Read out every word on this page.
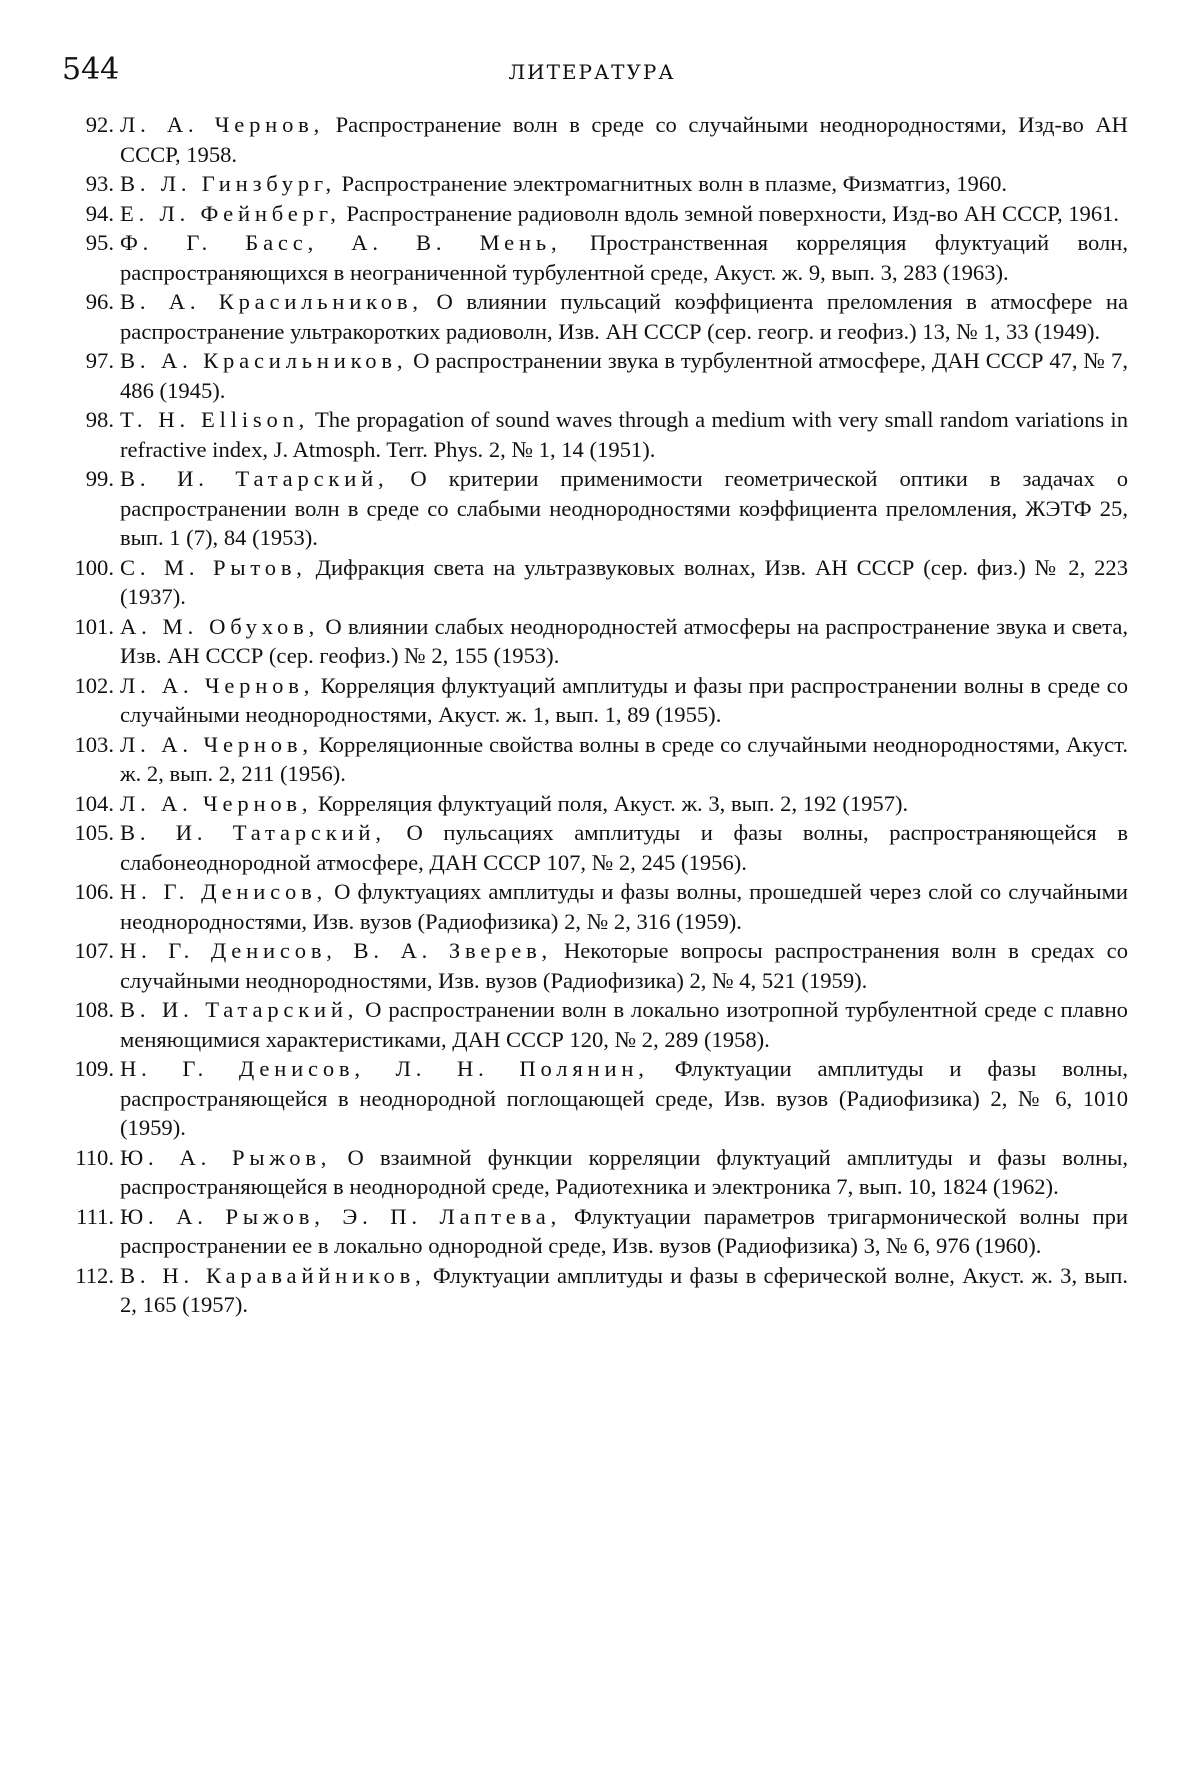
544	ЛИТЕРАТУРА
92. Л. А. Чернов, Распространение волн в среде со случайными неоднородностями, Изд-во АН СССР, 1958.
93. В. Л. Гинзбург, Распространение электромагнитных волн в плазме, Физматгиз, 1960.
94. Е. Л. Фейнберг, Распространение радиоволн вдоль земной поверхности, Изд-во АН СССР, 1961.
95. Ф. Г. Басс, А. В. Мень, Пространственная корреляция флуктуаций волн, распространяющихся в неограниченной турбулентной среде, Акуст. ж. 9, вып. 3, 283 (1963).
96. В. А. Красильников, О влиянии пульсаций коэффициента преломления в атмосфере на распространение ультракоротких радиоволн, Изв. АН СССР (сер. геогр. и геофиз.) 13, № 1, 33 (1949).
97. В. А. Красильников, О распространении звука в турбулентной атмосфере, ДАН СССР 47, № 7, 486 (1945).
98. T. H. Ellison, The propagation of sound waves through a medium with very small random variations in refractive index, J. Atmosph. Terr. Phys. 2, № 1, 14 (1951).
99. В. И. Татарский, О критерии применимости геометрической оптики в задачах о распространении волн в среде со слабыми неоднородностями коэффициента преломления, ЖЭТФ 25, вып. 1 (7), 84 (1953).
100. С. М. Рытов, Дифракция света на ультразвуковых волнах, Изв. АН СССР (сер. физ.) № 2, 223 (1937).
101. А. М. Обухов, О влиянии слабых неоднородностей атмосферы на распространение звука и света, Изв. АН СССР (сер. геофиз.) № 2, 155 (1953).
102. Л. А. Чернов, Корреляция флуктуаций амплитуды и фазы при распространении волны в среде со случайными неоднородностями, Акуст. ж. 1, вып. 1, 89 (1955).
103. Л. А. Чернов, Корреляционные свойства волны в среде со случайными неоднородностями, Акуст. ж. 2, вып. 2, 211 (1956).
104. Л. А. Чернов, Корреляция флуктуаций поля, Акуст. ж. 3, вып. 2, 192 (1957).
105. В. И. Татарский, О пульсациях амплитуды и фазы волны, распространяющейся в слабонеоднородной атмосфере, ДАН СССР 107, № 2, 245 (1956).
106. Н. Г. Денисов, О флуктуациях амплитуды и фазы волны, прошедшей через слой со случайными неоднородностями, Изв. вузов (Радиофизика) 2, № 2, 316 (1959).
107. Н. Г. Денисов, В. А. Зверев, Некоторые вопросы распространения волн в средах со случайными неоднородностями, Изв. вузов (Радиофизика) 2, № 4, 521 (1959).
108. В. И. Татарский, О распространении волн в локально изотропной турбулентной среде с плавно меняющимися характеристиками, ДАН СССР 120, № 2, 289 (1958).
109. Н. Г. Денисов, Л. Н. Полянин, Флуктуации амплитуды и фазы волны, распространяющейся в неоднородной поглощающей среде, Изв. вузов (Радиофизика) 2, № 6, 1010 (1959).
110. Ю. А. Рыжов, О взаимной функции корреляции флуктуаций амплитуды и фазы волны, распространяющейся в неоднородной среде, Радиотехника и электроника 7, вып. 10, 1824 (1962).
111. Ю. А. Рыжов, Э. П. Лаптева, Флуктуации параметров тригармонической волны при распространении ее в локально однородной среде, Изв. вузов (Радиофизика) 3, № 6, 976 (1960).
112. В. Н. Караваййников, Флуктуации амплитуды и фазы в сферической волне, Акуст. ж. 3, вып. 2, 165 (1957).
